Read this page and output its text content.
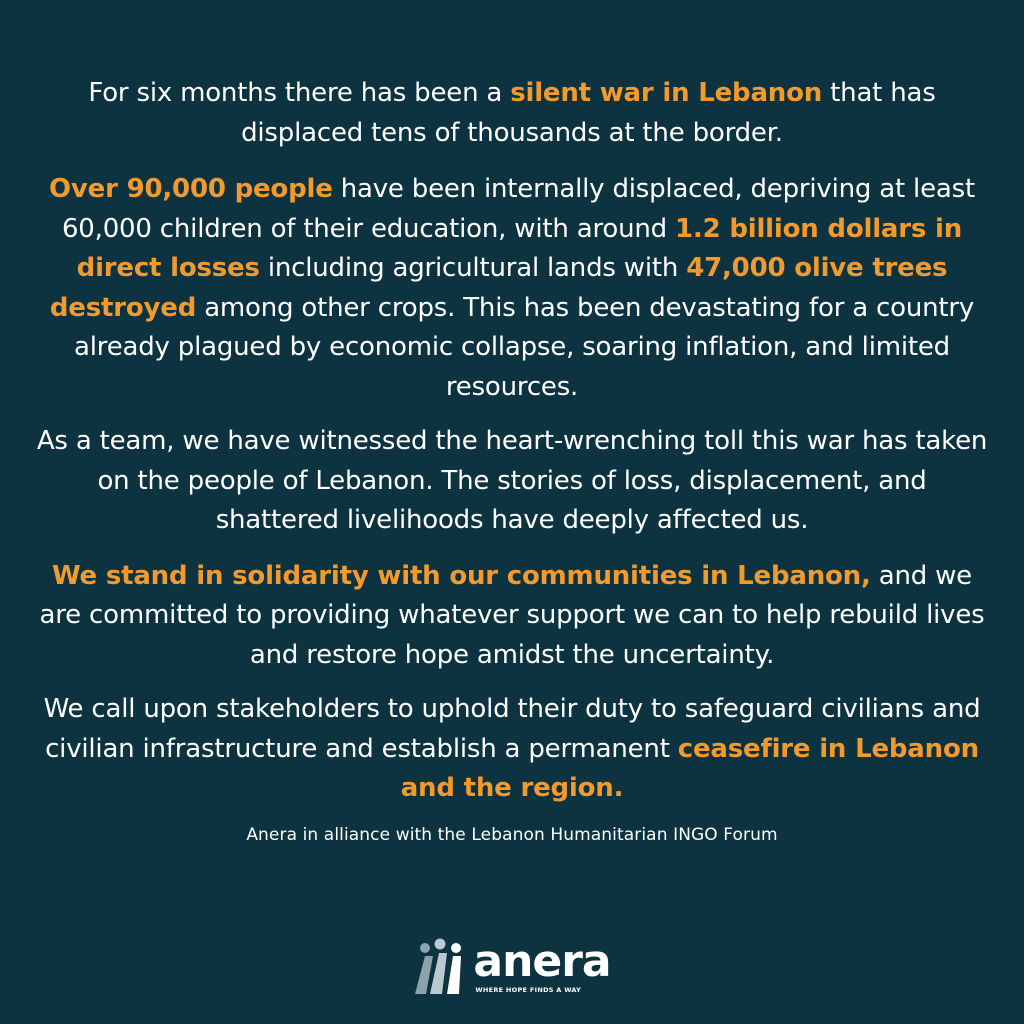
For six months there has been a silent war in Lebanon that has displaced tens of thousands at the border.

Over 90,000 people have been internally displaced, depriving at least 60,000 children of their education, with around 1.2 billion dollars in direct losses including agricultural lands with 47,000 olive trees destroyed among other crops. This has been devastating for a country already plagued by economic collapse, soaring inflation, and limited resources.

As a team, we have witnessed the heart-wrenching toll this war has taken on the people of Lebanon. The stories of loss, displacement, and shattered livelihoods have deeply affected us.

We stand in solidarity with our communities in Lebanon, and we are committed to providing whatever support we can to help rebuild lives and restore hope amidst the uncertainty.

We call upon stakeholders to uphold their duty to safeguard civilians and civilian infrastructure and establish a permanent ceasefire in Lebanon and the region.

Anera in alliance with the Lebanon Humanitarian INGO Forum
anera
WHERE HOPE FINDS A WAY
